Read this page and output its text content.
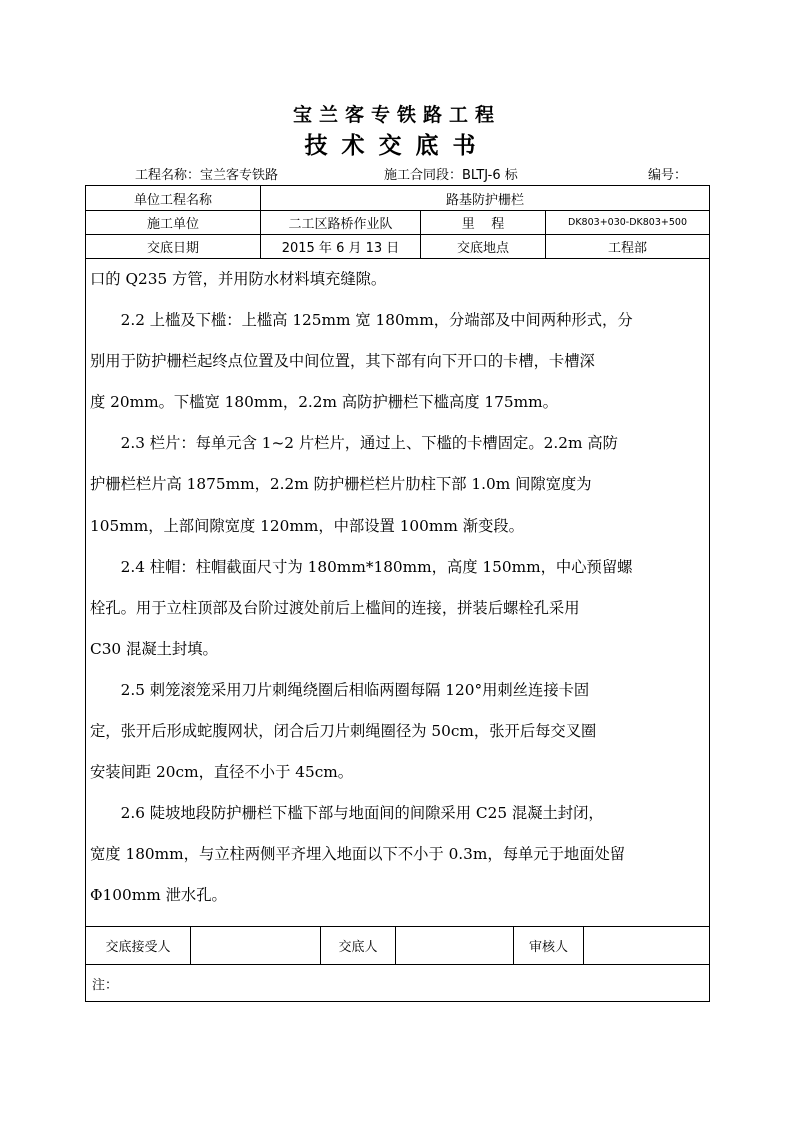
宝兰客专铁路工程
技术交底书
工程名称：宝兰客专铁路	施工合同段：BLTJ-6 标	编号：
单位工程名称	路基防护栅栏
施工单位	二工区路桥作业队	里    程	DK803+030-DK803+500
交底日期	2015 年 6 月 13 日	交底地点	工程部

口的 Q235 方管，并用防水材料填充缝隙。

　　2.2 上槛及下槛：上槛高 125mm 宽 180mm，分端部及中间两种形式，分

别用于防护栅栏起终点位置及中间位置，其下部有向下开口的卡槽，卡槽深

度 20mm。下槛宽 180mm，2.2m 高防护栅栏下槛高度 175mm。

　　2.3 栏片：每单元含 1~2 片栏片，通过上、下槛的卡槽固定。2.2m 高防

护栅栏栏片高 1875mm，2.2m 防护栅栏栏片肋柱下部 1.0m 间隙宽度为

105mm，上部间隙宽度 120mm，中部设置 100mm 渐变段。

　　2.4 柱帽：柱帽截面尺寸为 180mm*180mm，高度 150mm，中心预留螺

栓孔。用于立柱顶部及台阶过渡处前后上槛间的连接，拼装后螺栓孔采用

C30 混凝土封填。

　　2.5 刺笼滚笼采用刀片刺绳绕圈后相临两圈每隔 120°用刺丝连接卡固

定，张开后形成蛇腹网状，闭合后刀片刺绳圈径为 50cm，张开后每交叉圈

安装间距 20cm，直径不小于 45cm。

　　2.6 陡坡地段防护栅栏下槛下部与地面间的间隙采用 C25 混凝土封闭，

宽度 180mm，与立柱两侧平齐埋入地面以下不小于 0.3m，每单元于地面处留

Φ100mm 泄水孔。

交底接受人	交底人	审核人
注：
